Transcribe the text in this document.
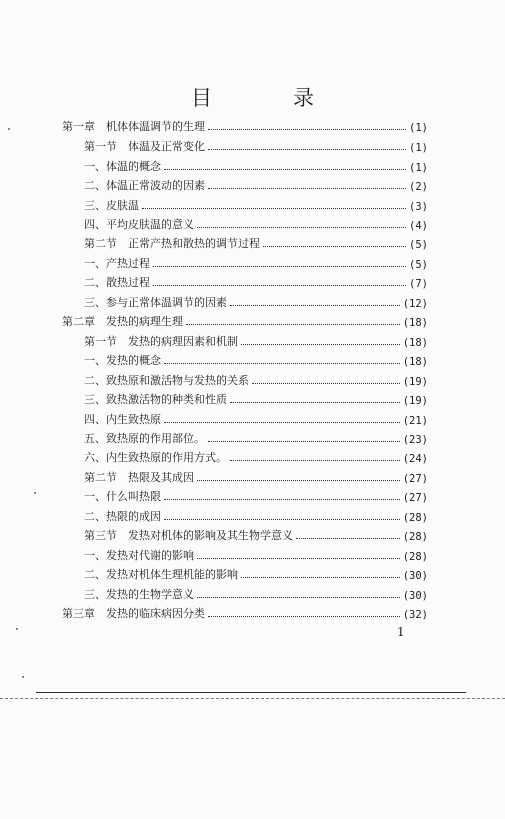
目　录
第一章　机体体温调节的生理	(1)
第一节　体温及正常变化	(1)
一、体温的概念	(1)
二、体温正常波动的因素	(2)
三、皮肤温	(3)
四、平均皮肤温的意义	(4)
第二节　正常产热和散热的调节过程	(5)
一、产热过程	(5)
二、散热过程	(7)
三、参与正常体温调节的因素	(12)
第二章　发热的病理生理	(18)
第一节　发热的病理因素和机制	(18)
一、发热的概念	(18)
二、致热原和激活物与发热的关系	(19)
三、致热激活物的种类和性质	(19)
四、内生致热原	(21)
五、致热原的作用部位。	(23)
六、内生致热原的作用方式。	(24)
第二节　热限及其成因	(27)
一、什么叫热限	(27)
二、热限的成因	(28)
第三节　发热对机体的影响及其生物学意义	(28)
一、发热对代谢的影响	(28)
二、发热对机体生理机能的影响	(30)
三、发热的生物学意义	(30)
第三章　发热的临床病因分类	(32)
1
